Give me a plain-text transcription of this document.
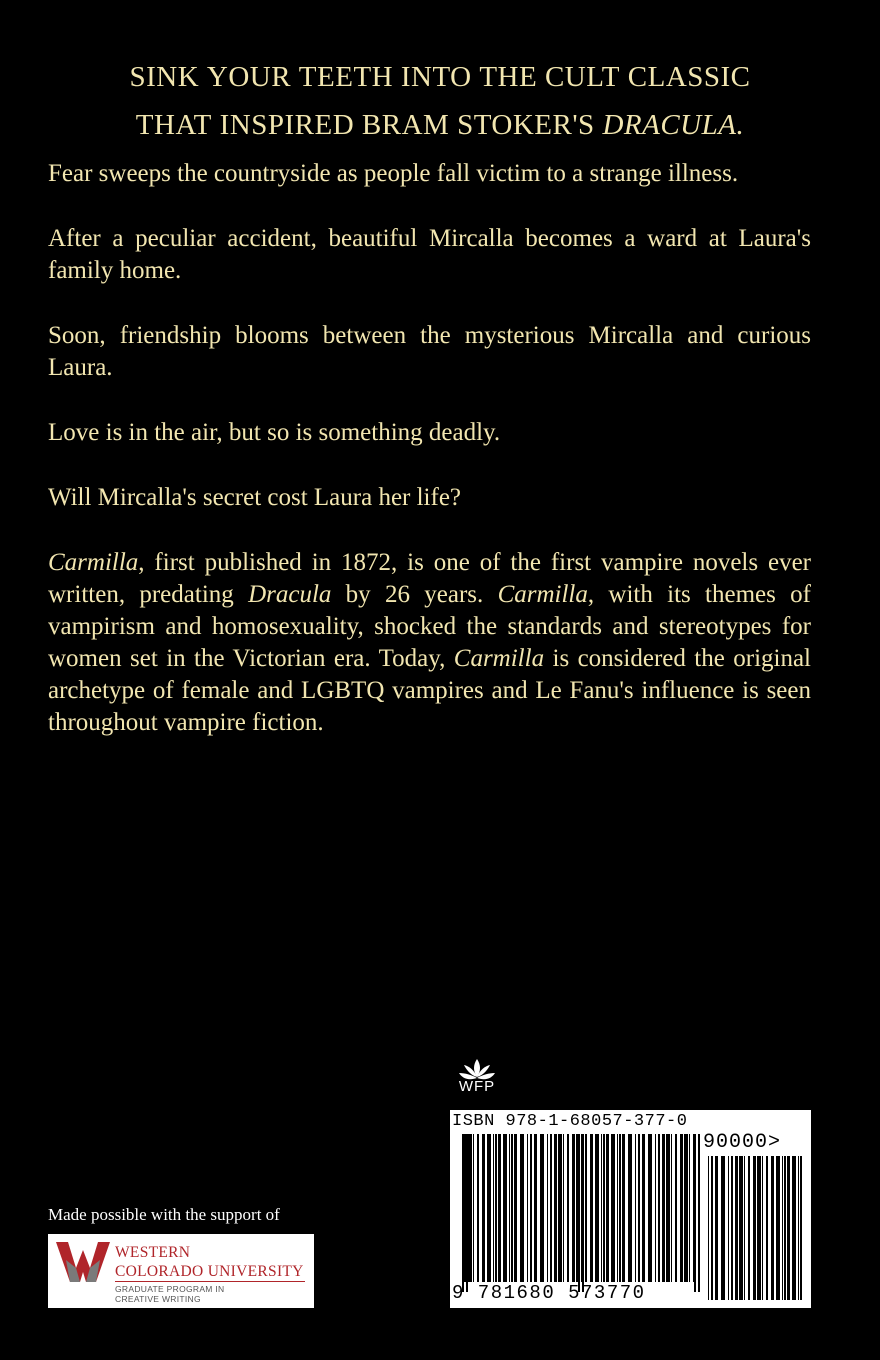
sink your teeth into the cult classic
that inspired bram stoker's dracula.

Fear sweeps the countryside as people fall victim to a strange illness.

After a peculiar accident, beautiful Mircalla becomes a ward at Laura's family home.

Soon, friendship blooms between the mysterious Mircalla and curious Laura.

Love is in the air, but so is something deadly.

Will Mircalla's secret cost Laura her life?

Carmilla, first published in 1872, is one of the first vampire novels ever written, predating Dracula by 26 years. Carmilla, with its themes of vampirism and homosexuality, shocked the standards and stereotypes for women set in the Victorian era. Today, Carmilla is considered the original archetype of female and LGBTQ vampires and Le Fanu's influence is seen throughout vampire fiction.

WFP
ISBN 978-1-68057-377-0
90000>
9 781680 573770
Made possible with the support of
WESTERN
COLORADO UNIVERSITY
GRADUATE PROGRAM IN
CREATIVE WRITING
